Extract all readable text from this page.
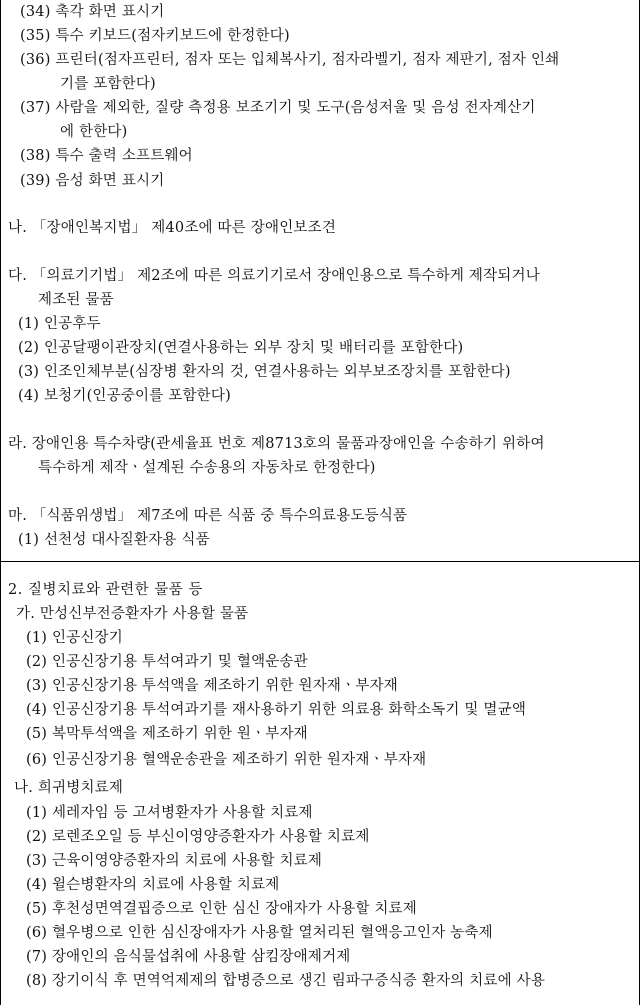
(34) 촉각 화면 표시기
(35) 특수 키보드(점자키보드에 한정한다)
(36) 프린터(점자프린터, 점자 또는 입체복사기, 점자라벨기, 점자 제판기, 점자 인쇄
기를 포함한다)
(37) 사람을 제외한, 질량 측정용 보조기기 및 도구(음성저울 및 음성 전자계산기
에 한한다)
(38) 특수 출력 소프트웨어
(39) 음성 화면 표시기
나. 「장애인복지법」 제40조에 따른 장애인보조견
다. 「의료기기법」 제2조에 따른 의료기기로서 장애인용으로 특수하게 제작되거나
제조된 물품
(1) 인공후두
(2) 인공달팽이관장치(연결사용하는 외부 장치 및 배터리를 포함한다)
(3) 인조인체부분(심장병 환자의 것, 연결사용하는 외부보조장치를 포함한다)
(4) 보청기(인공중이를 포함한다)
라. 장애인용 특수차량(관세율표 번호 제8713호의 물품과장애인을 수송하기 위하여
특수하게 제작ㆍ설계된 수송용의 자동차로 한정한다)
마. 「식품위생법」 제7조에 따른 식품 중 특수의료용도등식품
(1) 선천성 대사질환자용 식품
2. 질병치료와 관련한 물품 등
가. 만성신부전증환자가 사용할 물품
(1) 인공신장기
(2) 인공신장기용 투석여과기 및 혈액운송관
(3) 인공신장기용 투석액을 제조하기 위한 원자재ㆍ부자재
(4) 인공신장기용 투석여과기를 재사용하기 위한 의료용 화학소독기 및 멸균액
(5) 복막투석액을 제조하기 위한 원ㆍ부자재
(6) 인공신장기용 혈액운송관을 제조하기 위한 원자재ㆍ부자재
나. 희귀병치료제
(1) 세레자임 등 고셔병환자가 사용할 치료제
(2) 로렌조오일 등 부신이영양증환자가 사용할 치료제
(3) 근육이영양증환자의 치료에 사용할 치료제
(4) 윌슨병환자의 치료에 사용할 치료제
(5) 후천성면역결핍증으로 인한 심신 장애자가 사용할 치료제
(6) 혈우병으로 인한 심신장애자가 사용할 열처리된 혈액응고인자 농축제
(7) 장애인의 음식물섭취에 사용할 삼킴장애제거제
(8) 장기이식 후 면역억제제의 합병증으로 생긴 림파구증식증 환자의 치료에 사용
